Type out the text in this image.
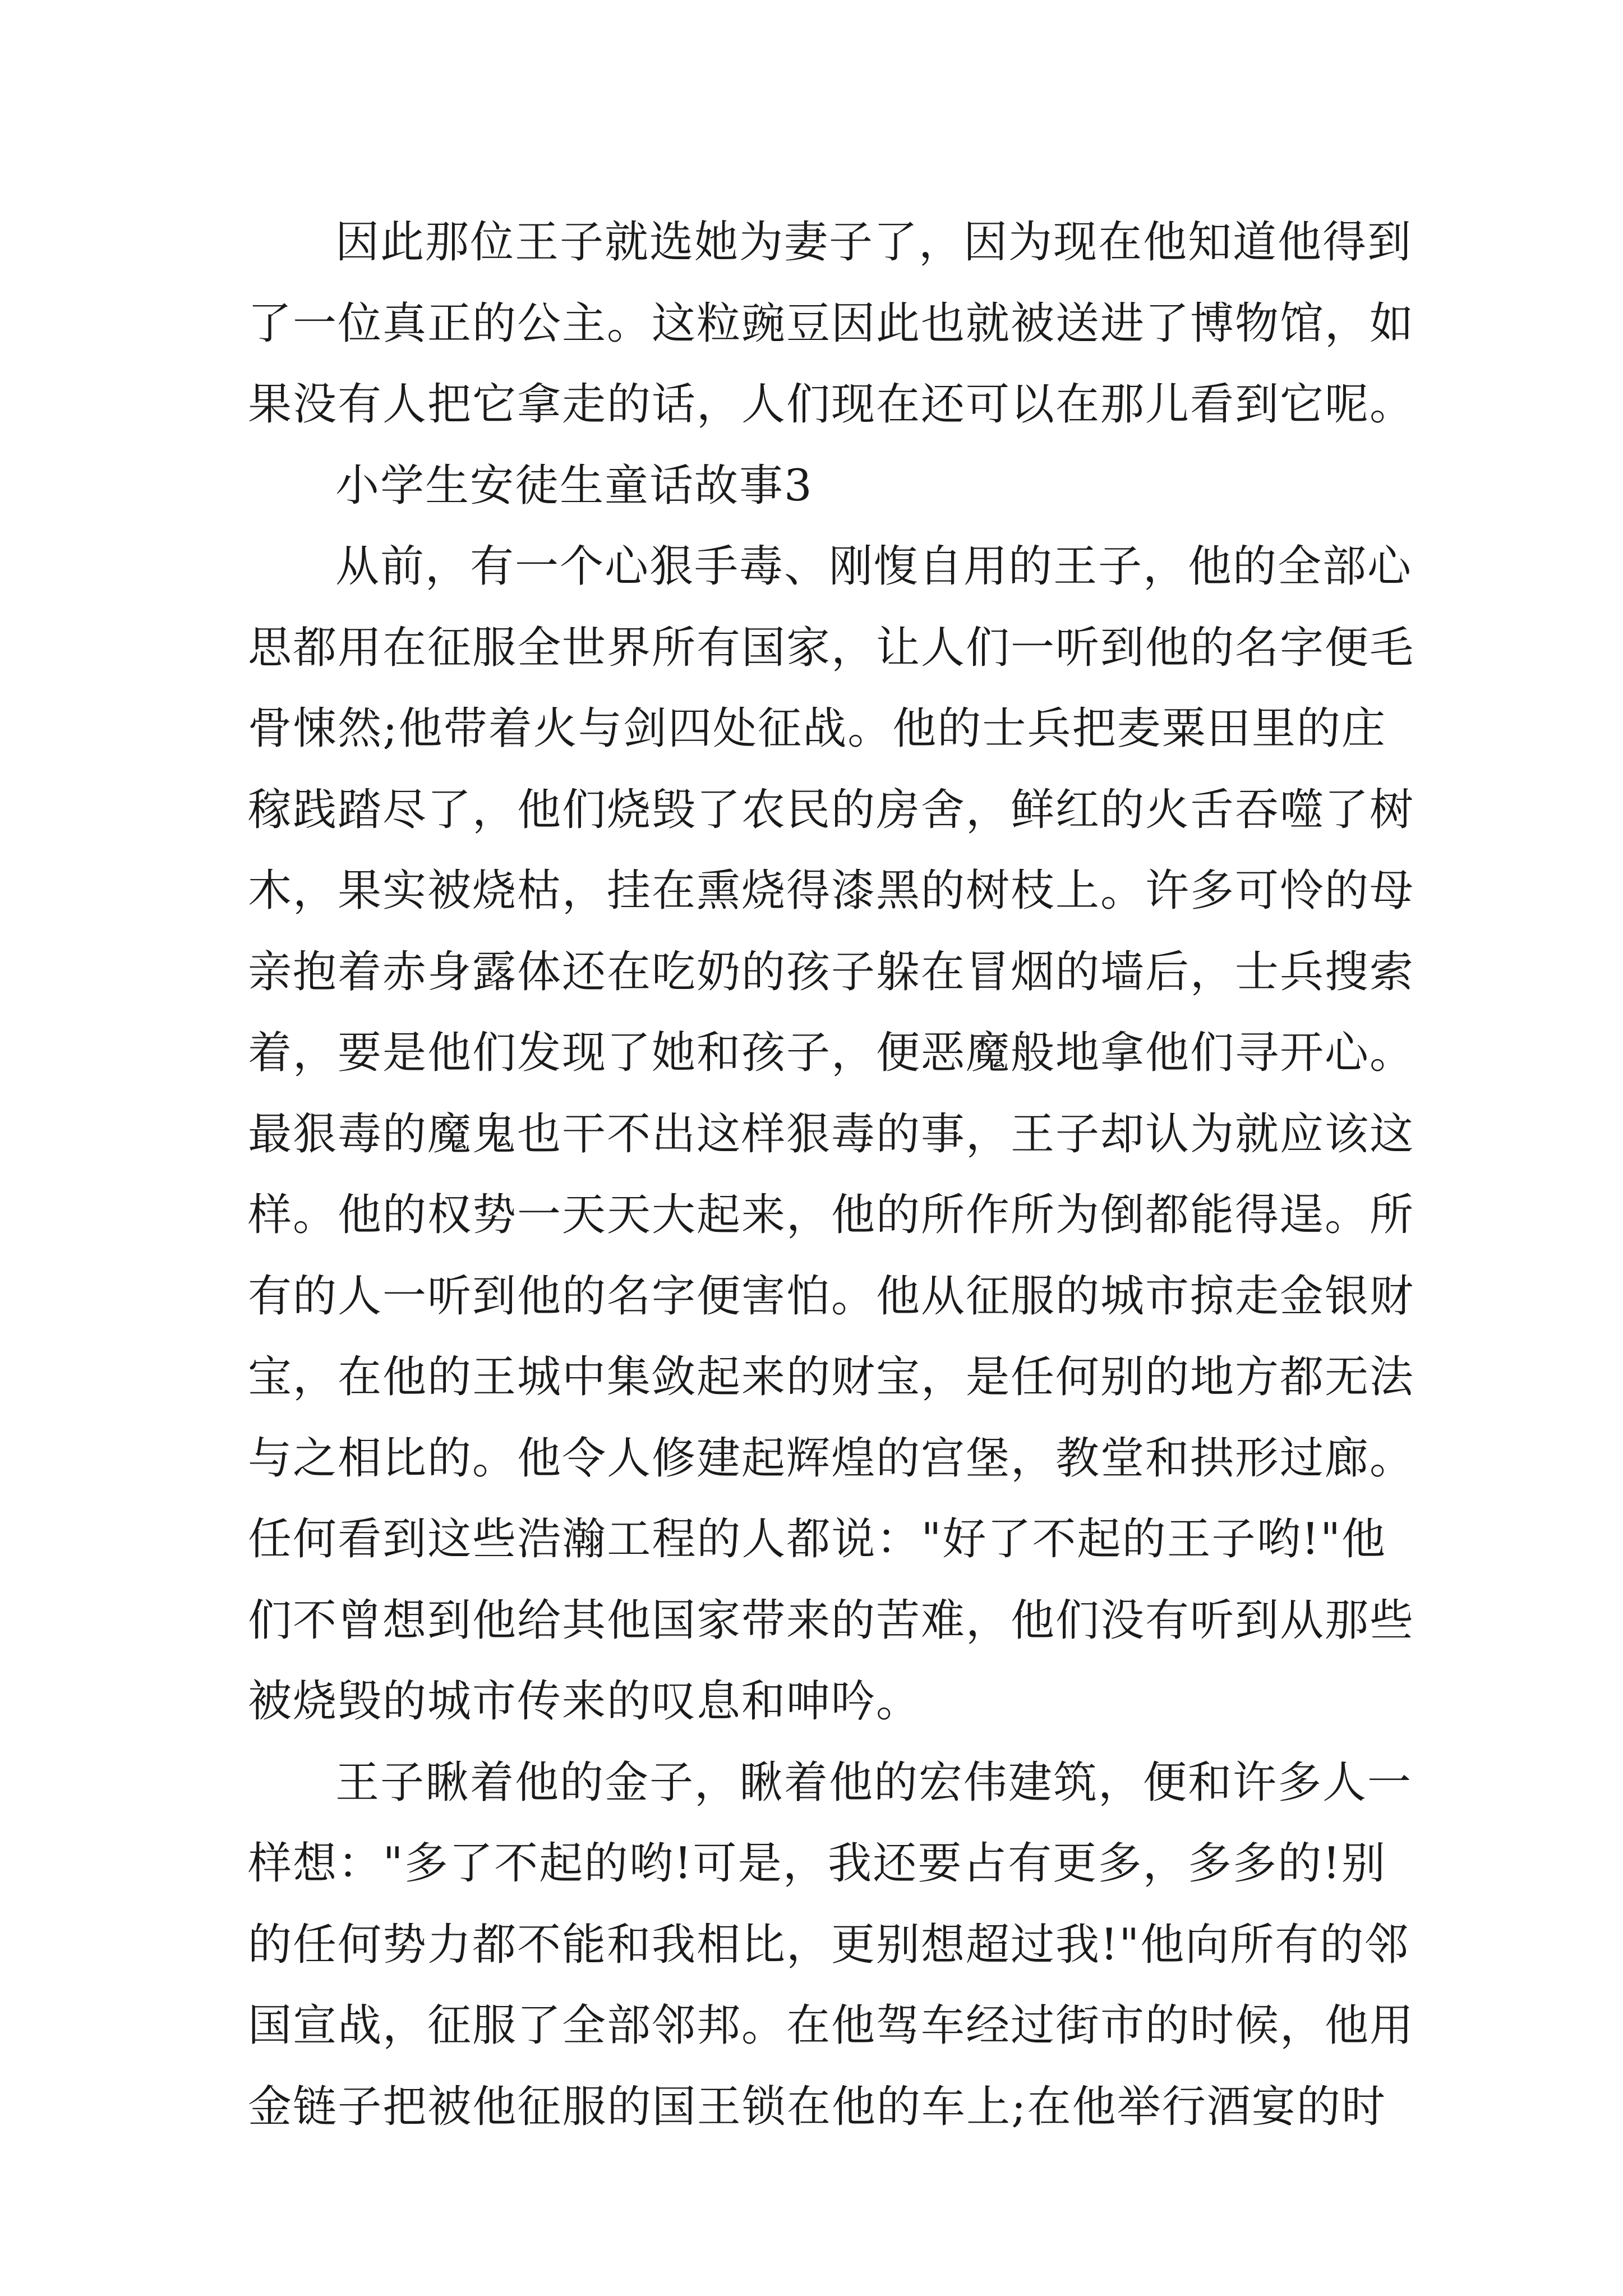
因此那位王子就选她为妻子了，因为现在他知道他得到
了一位真正的公主。这粒豌豆因此也就被送进了博物馆，如
果没有人把它拿走的话，人们现在还可以在那儿看到它呢。
小学生安徒生童话故事3
从前，有一个心狠手毒、刚愎自用的王子，他的全部心
思都用在征服全世界所有国家，让人们一听到他的名字便毛
骨悚然;他带着火与剑四处征战。他的士兵把麦粟田里的庄
稼践踏尽了，他们烧毁了农民的房舍，鲜红的火舌吞噬了树
木，果实被烧枯，挂在熏烧得漆黑的树枝上。许多可怜的母
亲抱着赤身露体还在吃奶的孩子躲在冒烟的墙后，士兵搜索
着，要是他们发现了她和孩子，便恶魔般地拿他们寻开心。
最狠毒的魔鬼也干不出这样狠毒的事，王子却认为就应该这
样。他的权势一天天大起来，他的所作所为倒都能得逞。所
有的人一听到他的名字便害怕。他从征服的城市掠走金银财
宝，在他的王城中集敛起来的财宝，是任何别的地方都无法
与之相比的。他令人修建起辉煌的宫堡，教堂和拱形过廊。
任何看到这些浩瀚工程的人都说："好了不起的王子哟!"他
们不曾想到他给其他国家带来的苦难，他们没有听到从那些
被烧毁的城市传来的叹息和呻吟。
王子瞅着他的金子，瞅着他的宏伟建筑，便和许多人一
样想："多了不起的哟!可是，我还要占有更多，多多的!别
的任何势力都不能和我相比，更别想超过我!"他向所有的邻
国宣战，征服了全部邻邦。在他驾车经过街市的时候，他用
金链子把被他征服的国王锁在他的车上;在他举行酒宴的时
